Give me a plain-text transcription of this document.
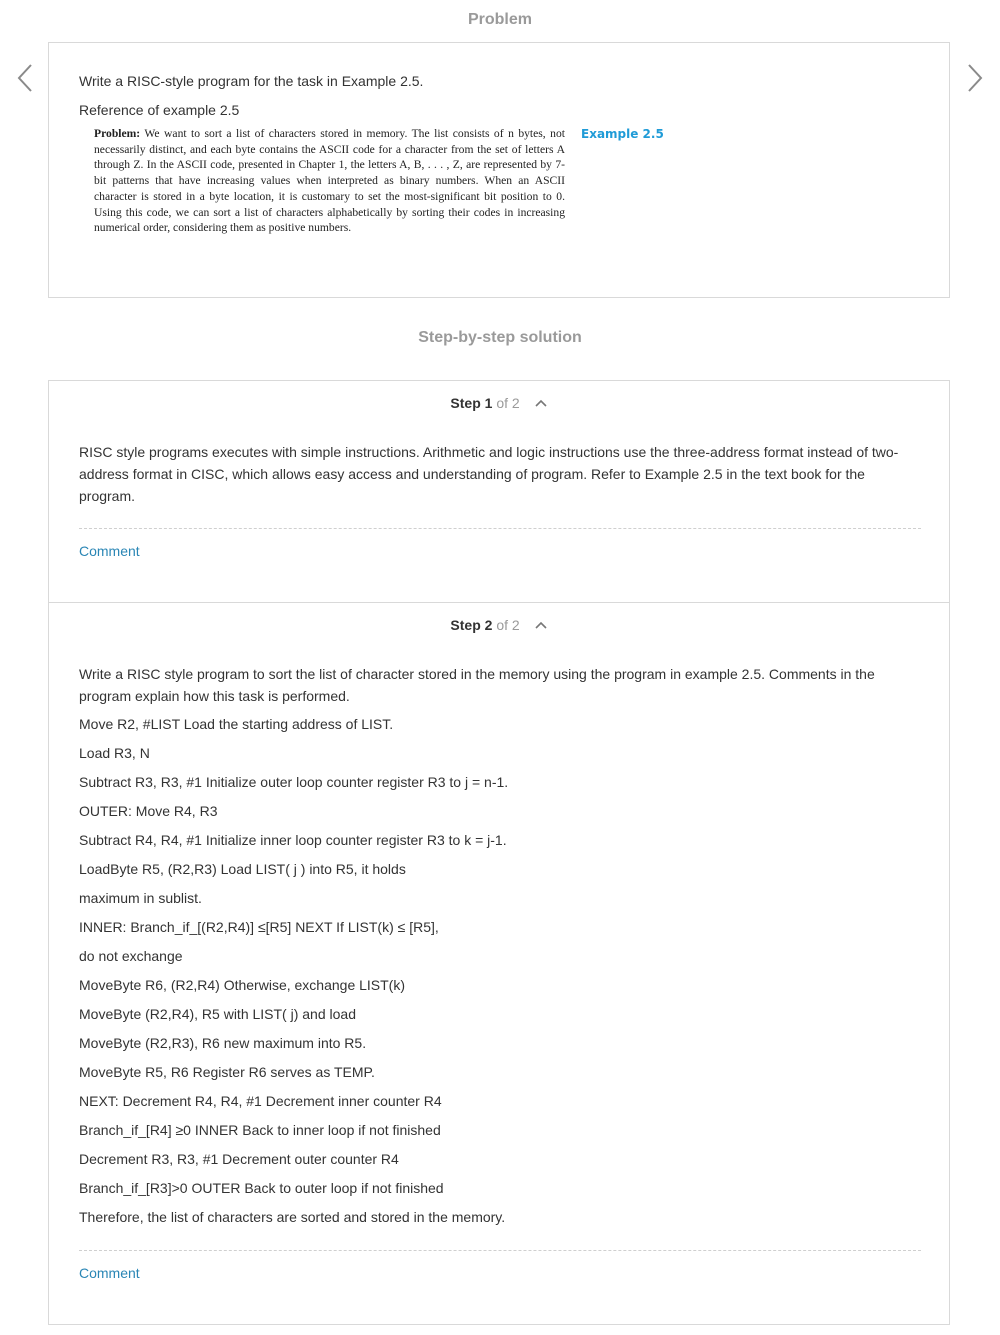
Problem
Write a RISC-style program for the task in Example 2.5.
Reference of example 2.5
Problem: We want to sort a list of characters stored in memory. The list consists of n bytes, not necessarily distinct, and each byte contains the ASCII code for a character from the set of letters A through Z. In the ASCII code, presented in Chapter 1, the letters A, B, . . . , Z, are represented by 7-bit patterns that have increasing values when interpreted as binary numbers. When an ASCII character is stored in a byte location, it is customary to set the most-significant bit position to 0. Using this code, we can sort a list of characters alphabetically by sorting their codes in increasing numerical order, considering them as positive numbers.
Example 2.5
Step-by-step solution
Step 1 of 2
RISC style programs executes with simple instructions. Arithmetic and logic instructions use the three-address format instead of two-address format in CISC, which allows easy access and understanding of program. Refer to Example 2.5 in the text book for the program.
Comment
Step 2 of 2
Write a RISC style program to sort the list of character stored in the memory using the program in example 2.5. Comments in the program explain how this task is performed.
Move R2, #LIST Load the starting address of LIST.
Load R3, N
Subtract R3, R3, #1 Initialize outer loop counter register R3 to j = n-1.
OUTER: Move R4, R3
Subtract R4, R4, #1 Initialize inner loop counter register R3 to k = j-1.
LoadByte R5, (R2,R3) Load LIST( j ) into R5, it holds
maximum in sublist.
INNER: Branch_if_[(R2,R4)] ≤[R5] NEXT If LIST(k) ≤ [R5],
do not exchange
MoveByte R6, (R2,R4) Otherwise, exchange LIST(k)
MoveByte (R2,R4), R5 with LIST( j) and load
MoveByte (R2,R3), R6 new maximum into R5.
MoveByte R5, R6 Register R6 serves as TEMP.
NEXT: Decrement R4, R4, #1 Decrement inner counter R4
Branch_if_[R4] ≥0 INNER Back to inner loop if not finished
Decrement R3, R3, #1 Decrement outer counter R4
Branch_if_[R3]>0 OUTER Back to outer loop if not finished
Therefore, the list of characters are sorted and stored in the memory.
Comment
